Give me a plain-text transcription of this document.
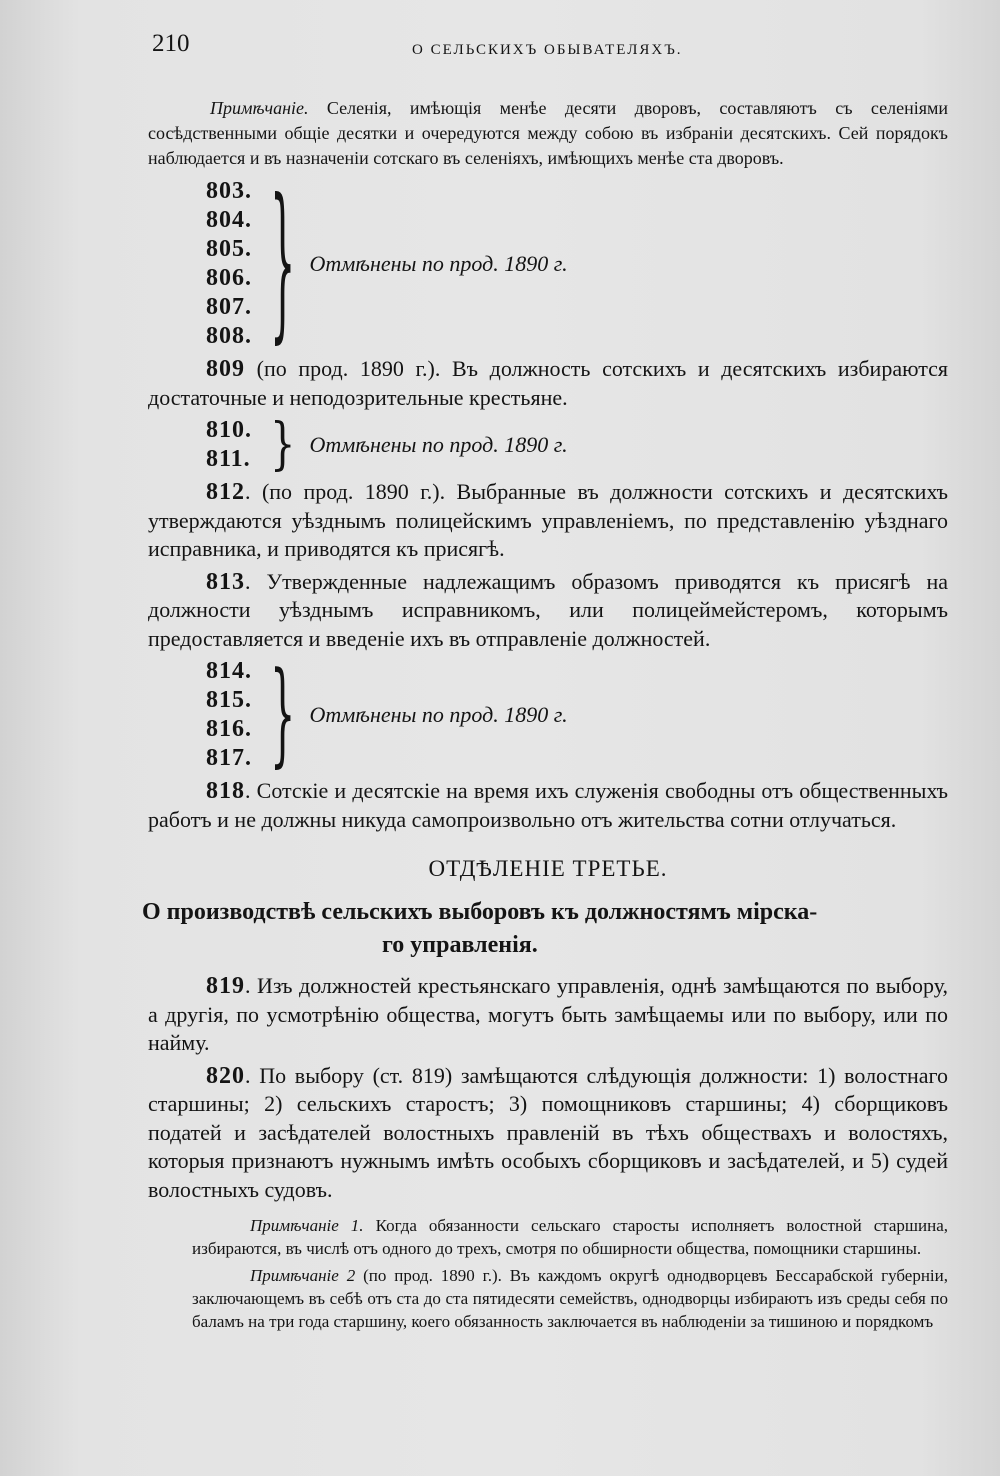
210	О СЕЛЬСКИХЪ ОБЫВАТЕЛЯХЪ.
Примѣчанiе. Селенiя, имѣющiя менѣе десяти дворовъ, составляютъ съ селенiями сосѣдственными общiе десятки и очередуются между собою въ избранiи десятскихъ. Сей порядокъ наблюдается и въ назначенiи сотскаго въ селенiяхъ, имѣющихъ менѣе ста дворовъ.
803.
804.
805.
806.
807.
808. } Отмѣнены по прод. 1890 г.

809 (по прод. 1890 г.). Въ должность сотскихъ и десятскихъ избираются достаточные и неподозрительные крестьяне.

810.
811. } Отмѣнены по прод. 1890 г.

812. (по прод. 1890 г.). Выбранные въ должности сотскихъ и десятскихъ утверждаются уѣзднымъ полицейскимъ управленiемъ, по представленiю уѣзднаго исправника, и приводятся къ присягѣ.

813. Утвержденные надлежащимъ образомъ приводятся къ присягѣ на должности уѣзднымъ исправникомъ, или полицеймейстеромъ, которымъ предоставляется и введенiе ихъ въ отправленiе должностей.

814.
815.
816.
817. } Отмѣнены по прод. 1890 г.

818. Сотскiе и десятскiе на время ихъ служенiя свободны отъ общественныхъ работъ и не должны никуда самопроизвольно отъ жительства сотни отлучаться.

ОТДѢЛЕНIЕ ТРЕТЬЕ.
О производствѣ сельскихъ выборовъ къ должностямъ мiрска-
го управленiя.

819. Изъ должностей крестьянскаго управленiя, однѣ замѣщаются по выбору, а другiя, по усмотрѣнiю общества, могутъ быть замѣщаемы или по выбору, или по найму.

820. По выбору (ст. 819) замѣщаются слѣдующiя должности: 1) волостнаго старшины; 2) сельскихъ старостъ; 3) помощниковъ старшины; 4) сборщиковъ податей и засѣдателей волостныхъ правленiй въ тѣхъ обществахъ и волостяхъ, которыя признаютъ нужнымъ имѣть особыхъ сборщиковъ и засѣдателей, и 5) судей волостныхъ судовъ.

Примѣчанiе 1. Когда обязанности сельскаго старосты исполняетъ волостной старшина, избираются, въ числѣ отъ одного до трехъ, смотря по обширности общества, помощники старшины.
Примѣчанiе 2 (по прод. 1890 г.). Въ каждомъ округѣ однодворцевъ Бессарабской губернiи, заключающемъ въ себѣ отъ ста до ста пятидесяти семействъ, однодворцы избираютъ изъ среды себя по баламъ на три года старшину, коего обязанность заключается въ наблюденiи за тишиною и порядкомъ
